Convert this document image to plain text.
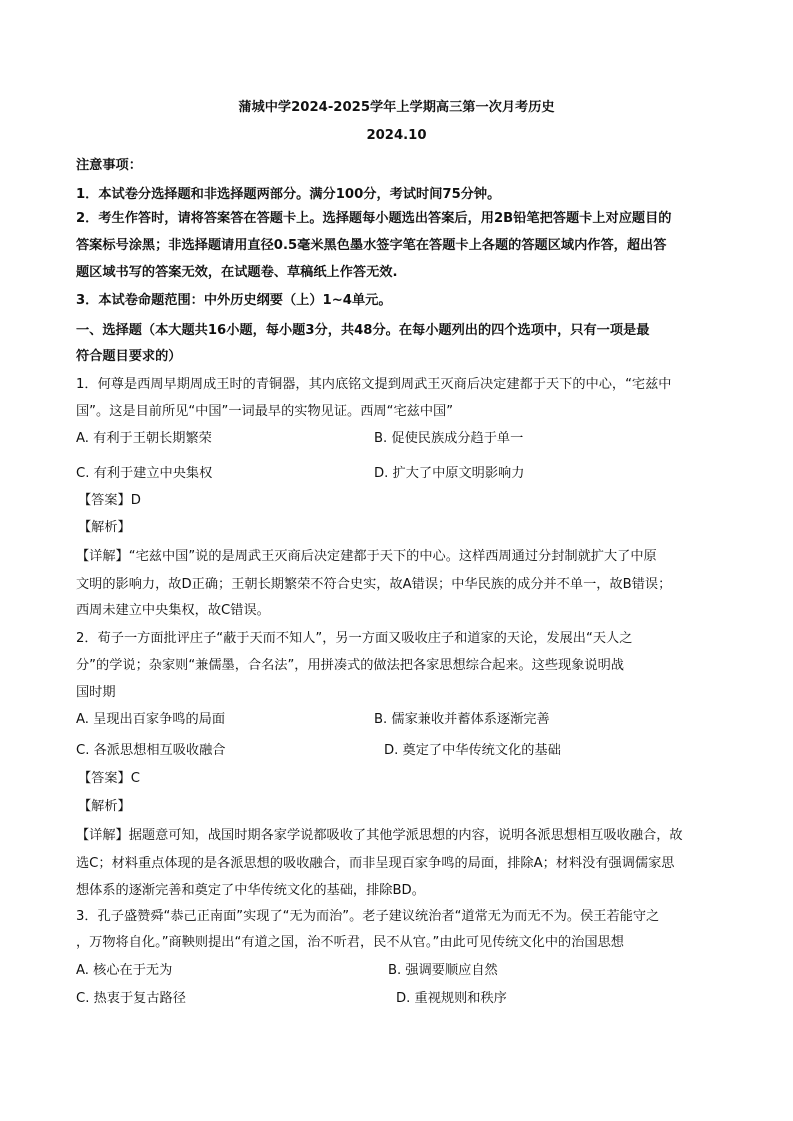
蒲城中学2024-2025学年上学期高三第一次月考历史
2024.10
注意事项：
1．本试卷分选择题和非选择题两部分。满分100分，考试时间75分钟。
2．考生作答时，请将答案答在答题卡上。选择题每小题选出答案后，用2B铅笔把答题卡上对应题目的
答案标号涂黑；非选择题请用直径0.5毫米黑色墨水签字笔在答题卡上各题的答题区域内作答，超出答
题区域书写的答案无效，在试题卷、草稿纸上作答无效.
3．本试卷命题范围：中外历史纲要（上）1~4单元。
一、选择题（本大题共16小题，每小题3分，共48分。在每小题列出的四个选项中，只有一项是最
符合题目要求的）
1．何尊是西周早期周成王时的青铜器，其内底铭文提到周武王灭商后决定建都于天下的中心，“宅兹中
国”。这是目前所见“中国”一词最早的实物见证。西周“宅兹中国”
A. 有利于王朝长期繁荣	B. 促使民族成分趋于单一
C. 有利于建立中央集权	D. 扩大了中原文明影响力
【答案】D
【解析】
【详解】“宅兹中国”说的是周武王灭商后决定建都于天下的中心。这样西周通过分封制就扩大了中原
文明的影响力，故D正确；王朝长期繁荣不符合史实，故A错误；中华民族的成分并不单一，故B错误；
西周未建立中央集权，故C错误。
2．荀子一方面批评庄子“蔽于天而不知人”，另一方面又吸收庄子和道家的天论，发展出“天人之
分”的学说；杂家则“兼儒墨，合名法”，用拼凑式的做法把各家思想综合起来。这些现象说明战
国时期
A. 呈现出百家争鸣的局面	B. 儒家兼收并蓄体系逐渐完善
C. 各派思想相互吸收融合	D. 奠定了中华传统文化的基础
【答案】C
【解析】
【详解】据题意可知，战国时期各家学说都吸收了其他学派思想的内容，说明各派思想相互吸收融合，故
选C；材料重点体现的是各派思想的吸收融合，而非呈现百家争鸣的局面，排除A；材料没有强调儒家思
想体系的逐渐完善和奠定了中华传统文化的基础，排除BD。
3．孔子盛赞舜“恭己正南面”实现了“无为而治”。老子建议统治者“道常无为而无不为。侯王若能守之
，万物将自化。”商鞅则提出“有道之国，治不听君，民不从官。”由此可见传统文化中的治国思想
A. 核心在于无为	B. 强调要顺应自然
C. 热衷于复古路径	D. 重视规则和秩序
